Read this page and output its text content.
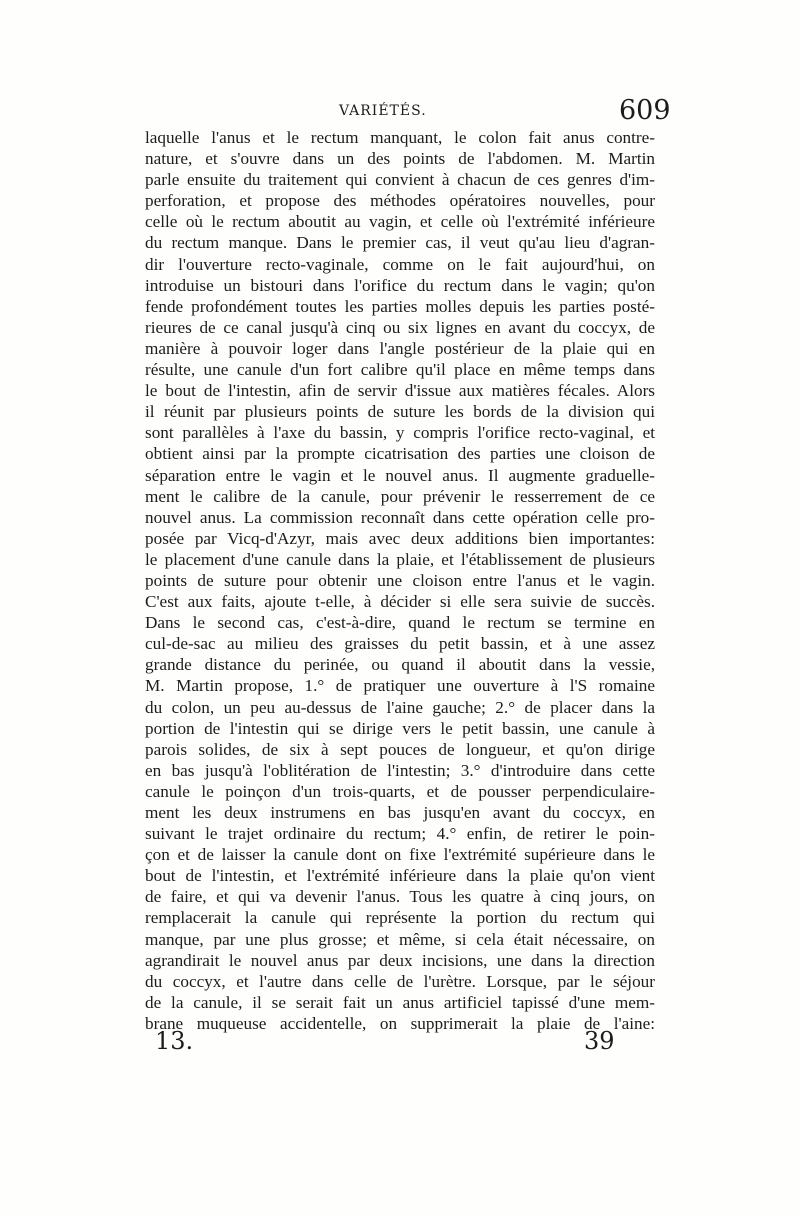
VARIÉTÉS.	609
laquelle l'anus et le rectum manquant, le colon fait anus contre-
nature, et s'ouvre dans un des points de l'abdomen. M. Martin
parle ensuite du traitement qui convient à chacun de ces genres d'im-
perforation, et propose des méthodes opératoires nouvelles, pour
celle où le rectum aboutit au vagin, et celle où l'extrémité inférieure
du rectum manque. Dans le premier cas, il veut qu'au lieu d'agran-
dir l'ouverture recto-vaginale, comme on le fait aujourd'hui, on
introduise un bistouri dans l'orifice du rectum dans le vagin; qu'on
fende profondément toutes les parties molles depuis les parties posté-
rieures de ce canal jusqu'à cinq ou six lignes en avant du coccyx, de
manière à pouvoir loger dans l'angle postérieur de la plaie qui en
résulte, une canule d'un fort calibre qu'il place en même temps dans
le bout de l'intestin, afin de servir d'issue aux matières fécales. Alors
il réunit par plusieurs points de suture les bords de la division qui
sont parallèles à l'axe du bassin, y compris l'orifice recto-vaginal, et
obtient ainsi par la prompte cicatrisation des parties une cloison de
séparation entre le vagin et le nouvel anus. Il augmente graduelle-
ment le calibre de la canule, pour prévenir le resserrement de ce
nouvel anus. La commission reconnaît dans cette opération celle pro-
posée par Vicq-d'Azyr, mais avec deux additions bien importantes:
le placement d'une canule dans la plaie, et l'établissement de plusieurs
points de suture pour obtenir une cloison entre l'anus et le vagin.
C'est aux faits, ajoute t-elle, à décider si elle sera suivie de succès.
Dans le second cas, c'est-à-dire, quand le rectum se termine en
cul-de-sac au milieu des graisses du petit bassin, et à une assez
grande distance du perinée, ou quand il aboutit dans la vessie,
M. Martin propose, 1.° de pratiquer une ouverture à l'S romaine
du colon, un peu au-dessus de l'aine gauche; 2.° de placer dans la
portion de l'intestin qui se dirige vers le petit bassin, une canule à
parois solides, de six à sept pouces de longueur, et qu'on dirige
en bas jusqu'à l'oblitération de l'intestin; 3.° d'introduire dans cette
canule le poinçon d'un trois-quarts, et de pousser perpendiculaire-
ment les deux instrumens en bas jusqu'en avant du coccyx, en
suivant le trajet ordinaire du rectum; 4.° enfin, de retirer le poin-
çon et de laisser la canule dont on fixe l'extrémité supérieure dans le
bout de l'intestin, et l'extrémité inférieure dans la plaie qu'on vient
de faire, et qui va devenir l'anus. Tous les quatre à cinq jours, on
remplacerait la canule qui représente la portion du rectum qui
manque, par une plus grosse; et même, si cela était nécessaire, on
agrandirait le nouvel anus par deux incisions, une dans la direction
du coccyx, et l'autre dans celle de l'urètre. Lorsque, par le séjour
de la canule, il se serait fait un anus artificiel tapissé d'une mem-
brane muqueuse accidentelle, on supprimerait la plaie de l'aine:
13.	39
